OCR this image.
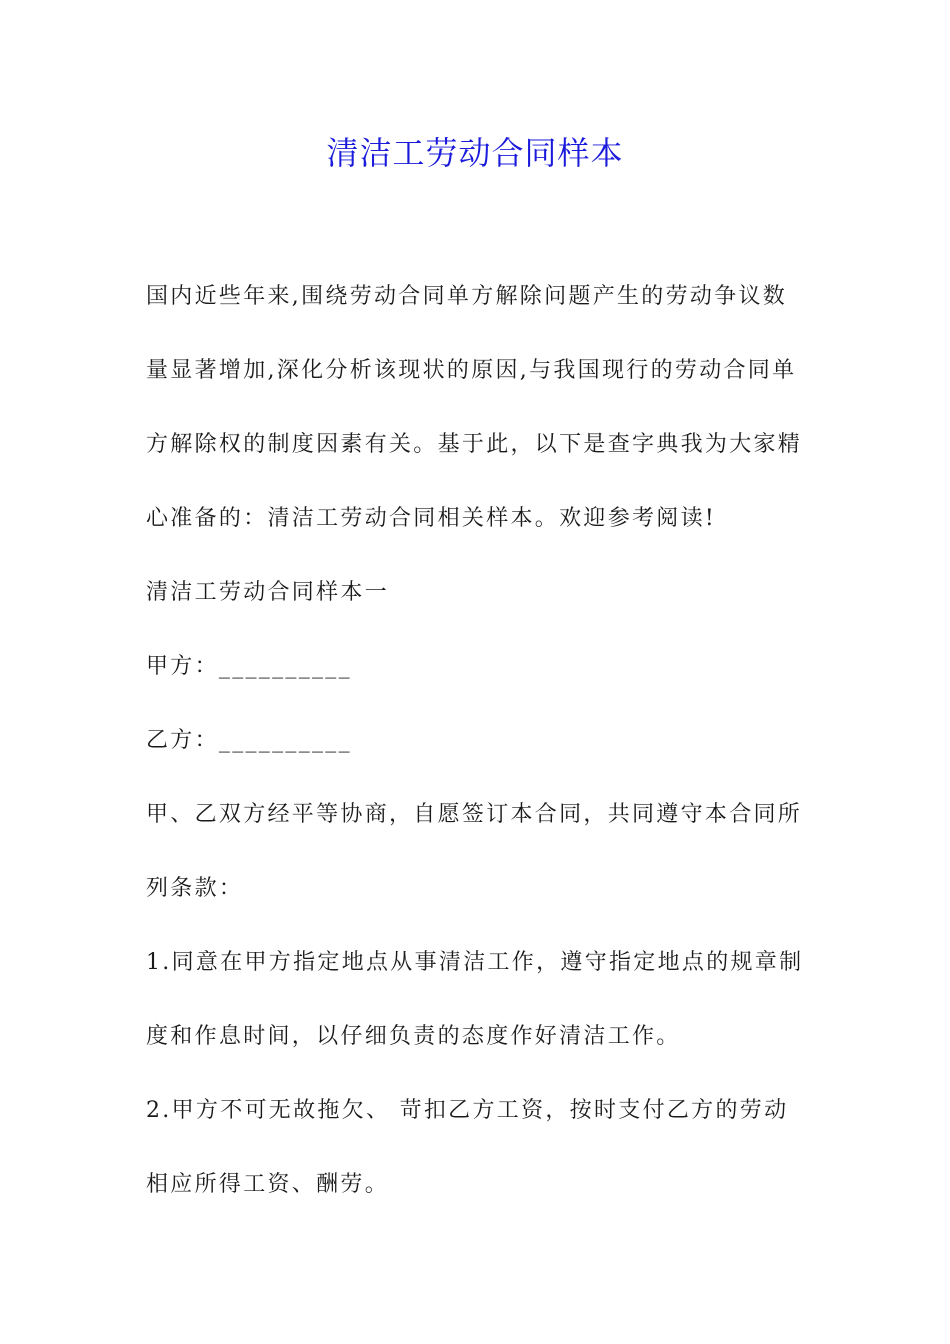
清洁工劳动合同样本

国内近些年来,围绕劳动合同单方解除问题产生的劳动争议数量显著增加,深化分析该现状的原因,与我国现行的劳动合同单方解除权的制度因素有关。基于此，以下是查字典我为大家精心准备的：清洁工劳动合同相关样本。欢迎参考阅读!

清洁工劳动合同样本一

甲方：__________

乙方：__________

甲、乙双方经平等协商，自愿签订本合同，共同遵守本合同所列条款：

1.同意在甲方指定地点从事清洁工作，遵守指定地点的规章制度和作息时间，以仔细负责的态度作好清洁工作。

2.甲方不可无故拖欠、 苛扣乙方工资，按时支付乙方的劳动相应所得工资、酬劳。
